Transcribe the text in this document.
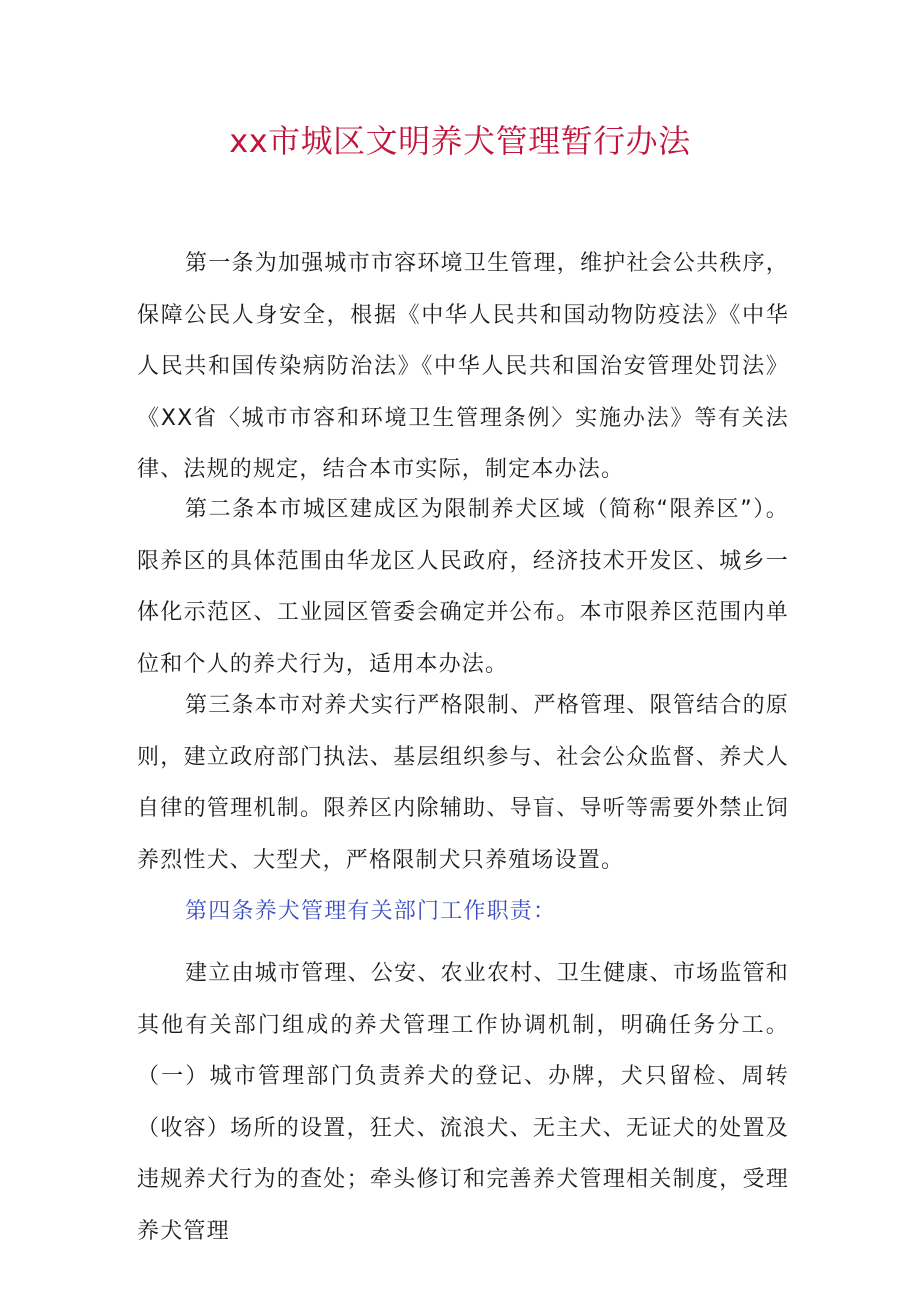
xx市城区文明养犬管理暂行办法

第一条为加强城市市容环境卫生管理，维护社会公共秩序，保障公民人身安全，根据《中华人民共和国动物防疫法》《中华人民共和国传染病防治法》《中华人民共和国治安管理处罚法》《XX省〈城市市容和环境卫生管理条例〉实施办法》等有关法律、法规的规定，结合本市实际，制定本办法。

第二条本市城区建成区为限制养犬区域（简称“限养区”）。限养区的具体范围由华龙区人民政府，经济技术开发区、城乡一体化示范区、工业园区管委会确定并公布。本市限养区范围内单位和个人的养犬行为，适用本办法。

第三条本市对养犬实行严格限制、严格管理、限管结合的原则，建立政府部门执法、基层组织参与、社会公众监督、养犬人自律的管理机制。限养区内除辅助、导盲、导听等需要外禁止饲养烈性犬、大型犬，严格限制犬只养殖场设置。

第四条养犬管理有关部门工作职责：

建立由城市管理、公安、农业农村、卫生健康、市场监管和其他有关部门组成的养犬管理工作协调机制，明确任务分工。（一）城市管理部门负责养犬的登记、办牌，犬只留检、周转（收容）场所的设置，狂犬、流浪犬、无主犬、无证犬的处置及违规养犬行为的查处；牵头修订和完善养犬管理相关制度，受理养犬管理
